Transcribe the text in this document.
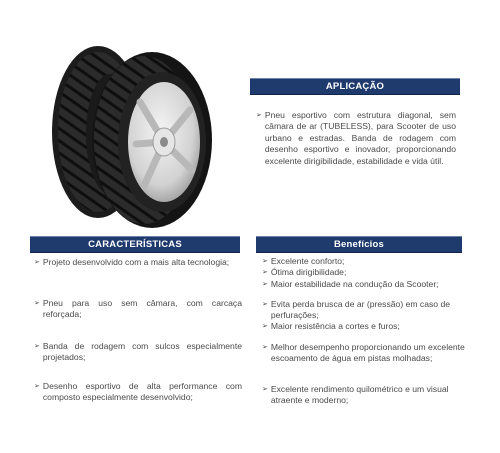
APLICAÇÃO
➢ Pneu esportivo com estrutura diagonal, sem câmara de ar (TUBELESS), para Scooter de uso urbano e estradas. Banda de rodagem com desenho esportivo e inovador, proporcionando excelente dirigibilidade, estabilidade e vida útil.
CARACTERÍSTICAS
➢ Projeto desenvolvido com a mais alta tecnologia;
➢ Pneu para uso sem câmara, com carcaça reforçada;
➢ Banda de rodagem com sulcos especialmente projetados;
➢ Desenho esportivo de alta performance com composto especialmente desenvolvido;
Benefícios
➢ Excelente conforto;
➢ Ótima dirigibilidade;
➢ Maior estabilidade na condução da Scooter;
➢ Evita perda brusca de ar (pressão) em caso de perfurações;
➢ Maior resistência a cortes e furos;
➢ Melhor desempenho proporcionando um excelente escoamento de água em pistas molhadas;
➢ Excelente rendimento quilométrico e um visual atraente e moderno;
